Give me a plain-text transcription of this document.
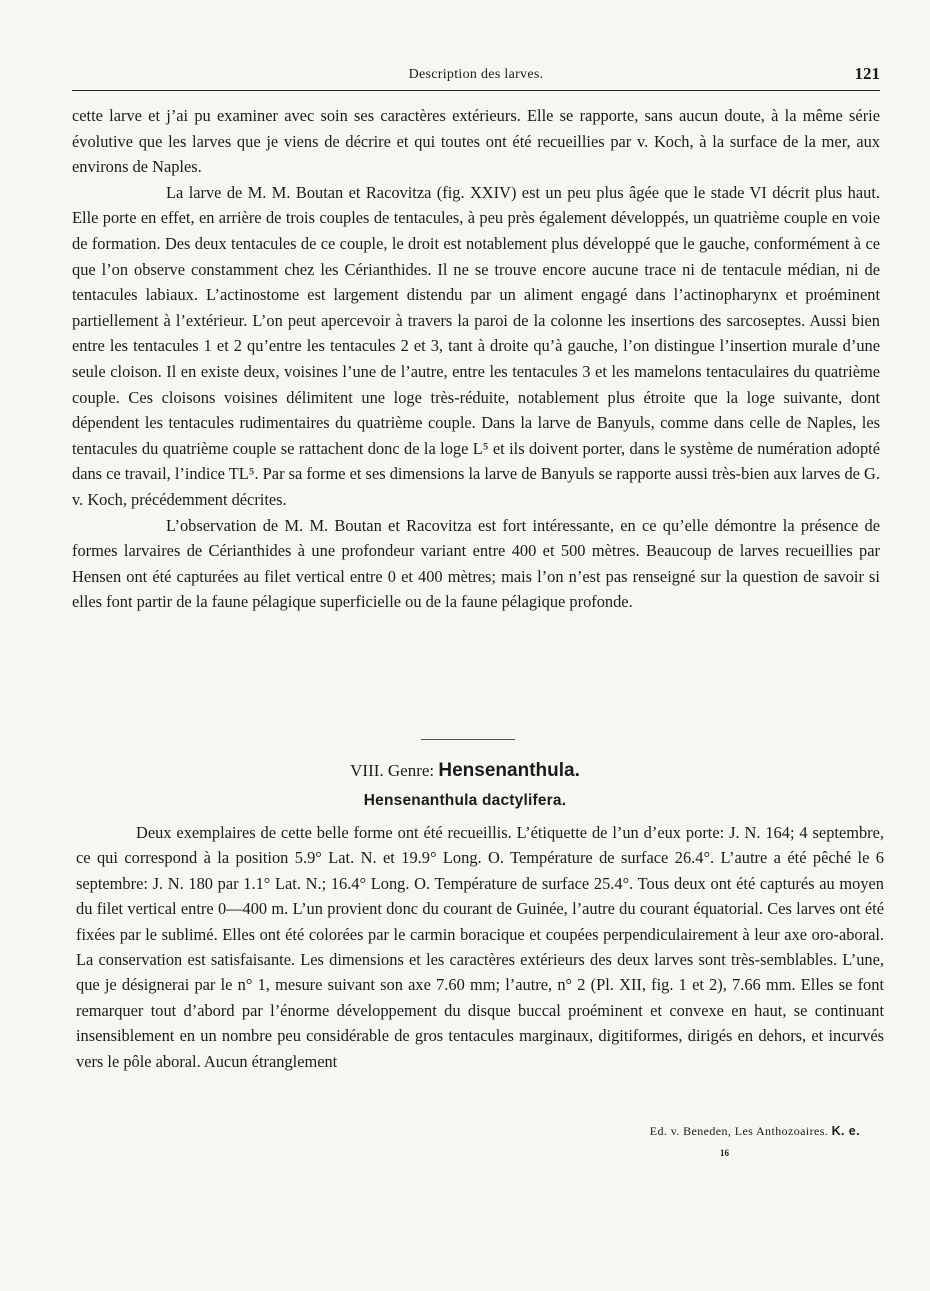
Description des larves.	121

cette larve et j’ai pu examiner avec soin ses caractères extérieurs. Elle se rapporte, sans aucun doute, à la même série évolutive que les larves que je viens de décrire et qui toutes ont été recueillies par v. Koch, à la surface de la mer, aux environs de Naples.

La larve de M. M. Boutan et Racovitza (fig. XXIV) est un peu plus âgée que le stade VI décrit plus haut. Elle porte en effet, en arrière de trois couples de tentacules, à peu près également développés, un quatrième couple en voie de formation. Des deux tentacules de ce couple, le droit est notablement plus développé que le gauche, conformément à ce que l’on observe constamment chez les Cérianthides. Il ne se trouve encore aucune trace ni de tentacule médian, ni de tentacules labiaux. L’actinostome est largement distendu par un aliment engagé dans l’actinopharynx et proéminent partiellement à l’extérieur. L’on peut apercevoir à travers la paroi de la colonne les insertions des sarcoseptes. Aussi bien entre les tentacules 1 et 2 qu’entre les tentacules 2 et 3, tant à droite qu’à gauche, l’on distingue l’insertion murale d’une seule cloison. Il en existe deux, voisines l’une de l’autre, entre les tentacules 3 et les mamelons tentaculaires du quatrième couple. Ces cloisons voisines délimitent une loge très-réduite, notablement plus étroite que la loge suivante, dont dépendent les tentacules rudimentaires du quatrième couple. Dans la larve de Banyuls, comme dans celle de Naples, les tentacules du quatrième couple se rattachent donc de la loge L⁵ et ils doivent porter, dans le système de numération adopté dans ce travail, l’indice TL⁵. Par sa forme et ses dimensions la larve de Banyuls se rapporte aussi très-bien aux larves de G. v. Koch, précédemment décrites.

L’observation de M. M. Boutan et Racovitza est fort intéressante, en ce qu’elle démontre la présence de formes larvaires de Cérianthides à une profondeur variant entre 400 et 500 mètres. Beaucoup de larves recueillies par Hensen ont été capturées au filet vertical entre 0 et 400 mètres; mais l’on n’est pas renseigné sur la question de savoir si elles font partir de la faune pélagique superficielle ou de la faune pélagique profonde.

VIII. Genre: Hensenanthula.
Hensenanthula dactylifera.

Deux exemplaires de cette belle forme ont été recueillis. L’étiquette de l’un d’eux porte: J. N. 164; 4 septembre, ce qui correspond à la position 5.9° Lat. N. et 19.9° Long. O. Température de surface 26.4°. L’autre a été pêché le 6 septembre: J. N. 180 par 1.1° Lat. N.; 16.4° Long. O. Température de surface 25.4°. Tous deux ont été capturés au moyen du filet vertical entre 0—400 m. L’un provient donc du courant de Guinée, l’autre du courant équatorial. Ces larves ont été fixées par le sublimé. Elles ont été colorées par le carmin boracique et coupées perpendiculairement à leur axe oro-aboral. La conservation est satisfaisante. Les dimensions et les caractères extérieurs des deux larves sont très-semblables. L’une, que je désignerai par le n° 1, mesure suivant son axe 7.60 mm; l’autre, n° 2 (Pl. XII, fig. 1 et 2), 7.66 mm. Elles se font remarquer tout d’abord par l’énorme développement du disque buccal proéminent et convexe en haut, se continuant insensiblement en un nombre peu considérable de gros tentacules marginaux, digitiformes, dirigés en dehors, et incurvés vers le pôle aboral. Aucun étranglement

Ed. v. Beneden, Les Anthozoaires. K. e.
16
